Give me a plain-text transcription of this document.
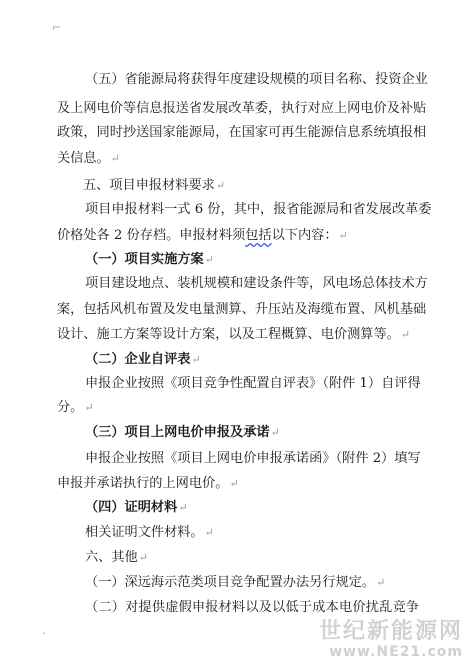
⌐
（五）省能源局将获得年度建设规模的项目名称、投资企业
及上网电价等信息报送省发展改革委，执行对应上网电价及补贴
政策，同时抄送国家能源局，在国家可再生能源信息系统填报相
关信息。↵
五、项目申报材料要求↵
项目申报材料一式 6 份，其中，报省能源局和省发展改革委
价格处各 2 份存档。申报材料须包括以下内容：↵
（一）项目实施方案↵
项目建设地点、装机规模和建设条件等，风电场总体技术方
案，包括风机布置及发电量测算、升压站及海缆布置、风机基础
设计、施工方案等设计方案，以及工程概算、电价测算等。↵
（二）企业自评表↵
申报企业按照《项目竞争性配置自评表》（附件 1）自评得
分。↵
（三）项目上网电价申报及承诺↵
申报企业按照《项目上网电价申报承诺函》（附件 2）填写
申报并承诺执行的上网电价。↵
（四）证明材料↵
相关证明文件材料。↵
六、其他↵
（一）深远海示范类项目竞争配置办法另行规定。↵
（二）对提供虚假申报材料以及以低于成本电价扰乱竞争
·	世纪新能源网
www.NE21.com
